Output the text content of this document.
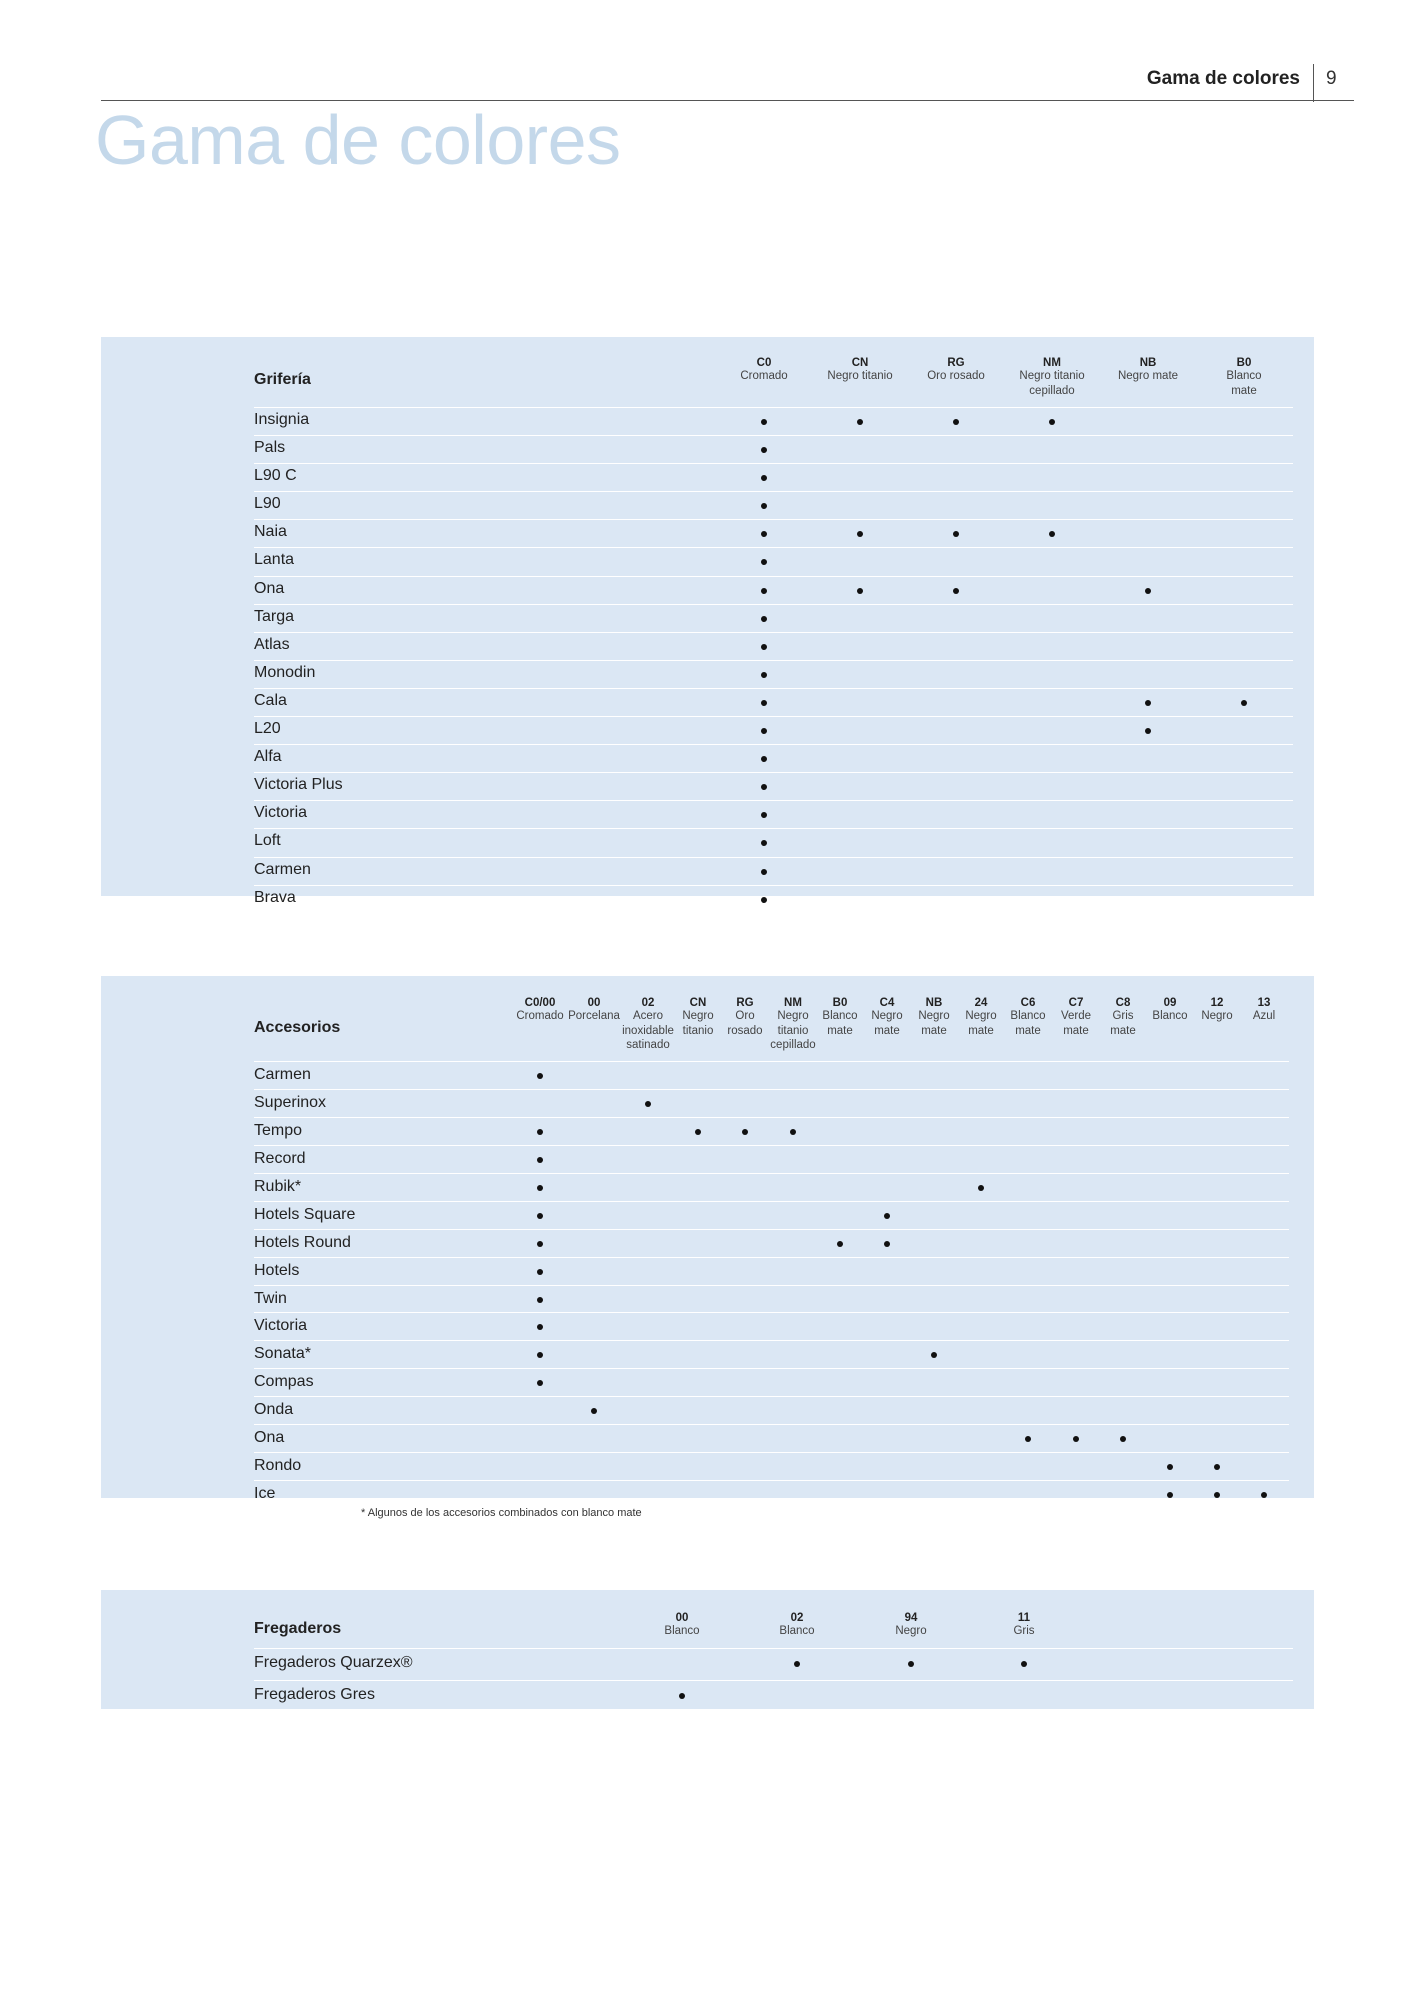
Gama de colores 9
Gama de colores
Grifería
C0
Cromado
CN
Negro titanio
RG
Oro rosado
NM
Negro titanio
cepillado
NB
Negro mate
B0
Blanco mate
Insignia
Pals
L90 C
L90
Naia
Lanta
Ona
Targa
Atlas
Monodin
Cala
L20
Alfa
Victoria Plus
Victoria
Loft
Carmen
Brava
Accesorios
C0/00
Cromado
00
Porcelana
02
Acero
inoxidable
satinado
CN
Negro
titanio
RG
Oro
rosado
NM
Negro
titanio
cepillado
B0
Blanco
mate
C4
Negro
mate
NB
Negro
mate
24
Negro
mate
C6
Blanco
mate
C7
Verde
mate
C8
Gris
mate
09
Blanco
12
Negro
13
Azul
Carmen
Superinox
Tempo
Record
Rubik*
Hotels Square
Hotels Round
Hotels
Twin
Victoria
Sonata*
Compas
Onda
Ona
Rondo
Ice
* Algunos de los accesorios combinados con blanco mate
Fregaderos
00
Blanco
02
Blanco
94
Negro
11
Gris
Fregaderos Quarzex®
Fregaderos Gres
